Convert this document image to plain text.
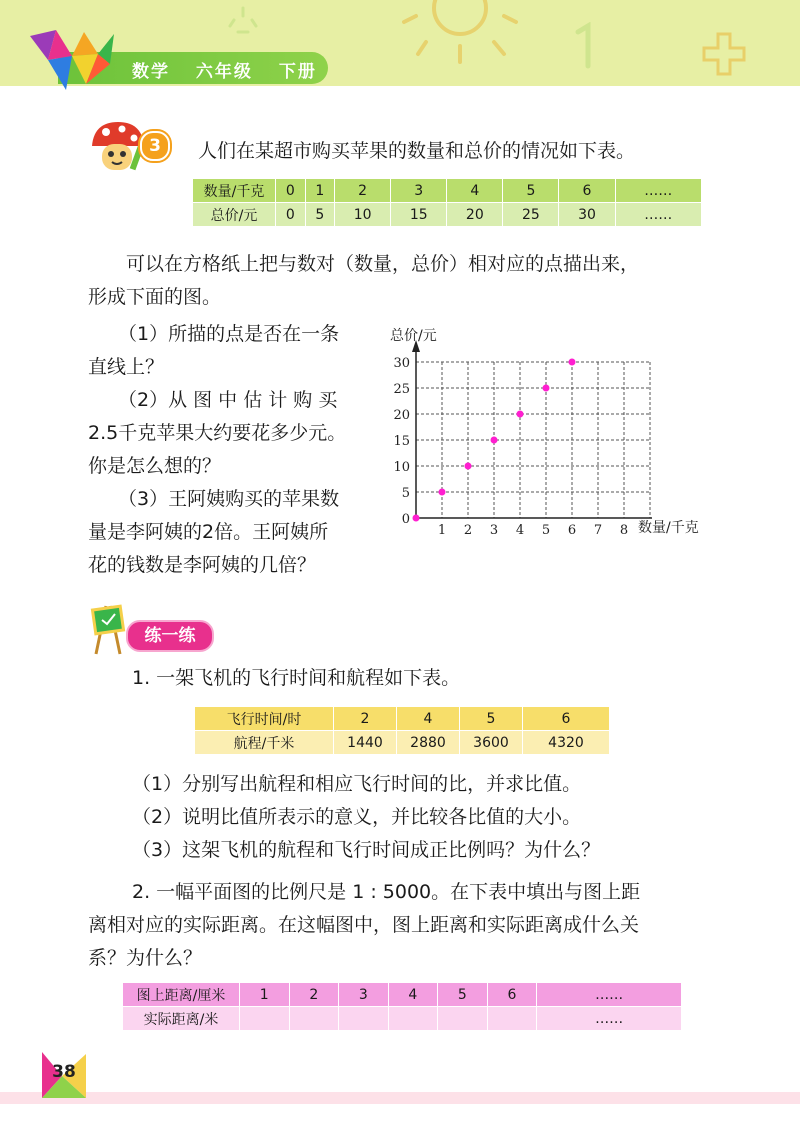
数学 六年级 下册
3	人们在某超市购买苹果的数量和总价的情况如下表。
数量/千克	0	1	2	3	4	5	6	……
总价/元	0	5	10	15	20	25	30	……
可以在方格纸上把与数对（数量，总价）相对应的点描出来，
形成下面的图。
（1）所描的点是否在一条
直线上？
（2）从 图 中 估 计 购 买
2.5千克苹果大约要花多少元。
你是怎么想的？
（3）王阿姨购买的苹果数
量是李阿姨的2倍。王阿姨所
花的钱数是李阿姨的几倍？
1 2 3 4 5 6 7 8
0
5
10
15
20
25
30
总价/元
数量/千克
练一练
1. 一架飞机的飞行时间和航程如下表。
飞行时间/时	2	4	5	6
航程/千米	1440	2880	3600	4320
（1）分别写出航程和相应飞行时间的比，并求比值。
（2）说明比值所表示的意义，并比较各比值的大小。
（3）这架飞机的航程和飞行时间成正比例吗？为什么？
2. 一幅平面图的比例尺是 1 : 5000。在下表中填出与图上距
离相对应的实际距离。在这幅图中，图上距离和实际距离成什么关
系？为什么？
图上距离/厘米	1	2	3	4	5	6	……
实际距离/米							……
38
